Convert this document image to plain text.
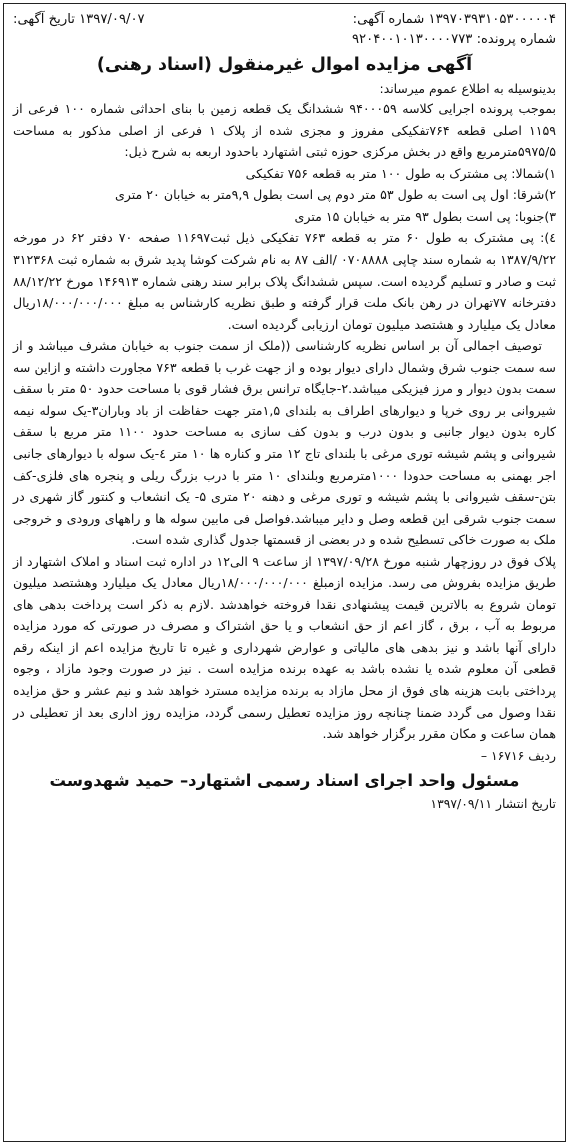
شماره آگهی: ۱۳۹۷۰۳۹۳۱۰۵۳۰۰۰۰۰۴
تاریخ آگهی: ۱۳۹۷/۰۹/۰۷
شماره پرونده: ۹۲۰۴۰۰۱۰۱۳۰۰۰۰۷۷۳
آگهی مزایده اموال غیرمنقول (اسناد رهنی)
بدینوسیله به اطلاع عموم میرساند:

بموجب پرونده اجرایی کلاسه ۹۴۰۰۰۵۹ ششدانگ یک قطعه زمین با بنای احداثی شماره ۱۰۰ فرعی از ۱۱۵۹ اصلی قطعه ۷۶۴تفکیکی مفروز و مجزی شده از پلاک ۱ فرعی از اصلی مذکور به مساحت ۵۹۷۵/۵مترمربع واقع در بخش مرکزی حوزه ثبتی اشتهارد باحدود اربعه به شرح ذیل:

۱)شمالا: پی مشترک به طول ۱۰۰ متر به قطعه ۷۵۶ تفکیکی

۲)شرقا: اول پی است به طول ۵۳ متر دوم پی است بطول ۹,۹متر به خیابان ۲۰ متری

۳)جنوبا: پی است بطول ۹۳ متر به خیابان ۱۵ متری

٤): پی مشترک به طول ۶۰ متر به قطعه ۷۶۳ تفکیکی ذیل ثبت۱۱۶۹۷ صفحه ۷۰ دفتر ۶۲ در مورخه ۱۳۸۷/۹/۲۲ به شماره سند چاپی ۰۷۰۸۸۸۸ /الف ۸۷ به نام شرکت کوشا پدید شرق به شماره ثبت ۳۱۲۳۶۸ ثبت و صادر و تسلیم گردیده است. سپس ششدانگ پلاک برابر سند رهنی شماره ۱۴۶۹۱۳ مورخ ۸۸/۱۲/۲۲ دفترخانه ۷۷تهران در رهن بانک ملت قرار گرفته و طبق نظریه کارشناس به مبلغ ۱۸/۰۰۰/۰۰۰/۰۰۰ریال معادل یک میلیارد و هشتصد میلیون تومان ارزیابی گردیده است.

توصیف اجمالی آن بر اساس نظریه کارشناسی ((ملک از سمت جنوب به خیابان مشرف میباشد و از سه سمت جنوب شرق وشمال دارای دیوار بوده و از جهت غرب با قطعه ۷۶۳ مجاورت داشته و ازاین سه سمت بدون دیوار و مرز فیزیکی میباشد.۲-جایگاه ترانس برق فشار قوی با مساحت حدود ۵۰ متر با سقف شیروانی بر روی خرپا و دیوارهای اطراف به بلندای ۱,۵متر جهت حفاظت از باد وباران۳-یک سوله نیمه کاره بدون دیوار جانبی و بدون درب و بدون کف سازی به مساحت حدود ۱۱۰۰ متر مربع با سقف شیروانی و پشم شیشه توری مرغی با بلندای تاج ۱۲ متر و کناره ها ۱۰ متر ٤-یک سوله با دیوارهای جانبی اجر بهمنی به مساحت حدودا ۱۰۰۰مترمربع وبلندای ۱۰ متر با درب بزرگ ریلی و پنجره های فلزی-کف بتن-سقف شیروانی با پشم شیشه و توری مرغی و دهنه ۲۰ متری ۵- یک انشعاب و کنتور گاز شهری در سمت جنوب شرقی این قطعه وصل و دایر میباشد.فواصل فی مابین سوله ها و راههای ورودی و خروجی ملک به صورت خاکی تسطیح شده و در بعضی از قسمتها جدول گذاری شده است.

پلاک فوق در روزچهار شنبه مورخ ۱۳۹۷/۰۹/۲۸ از ساعت ۹ الی۱۲ در اداره ثبت اسناد و املاک اشتهارد از طریق مزایده بفروش می رسد. مزایده ازمبلغ ۱۸/۰۰۰/۰۰۰/۰۰۰ریال معادل یک میلیارد وهشتصد میلیون تومان شروع به بالاترین قیمت پیشنهادی نقدا فروخته خواهدشد .لازم به ذکر است پرداخت بدهی های مربوط به آب ، برق ، گاز اعم از حق انشعاب و یا حق اشتراک و مصرف در صورتی که مورد مزایده دارای آنها باشد و نیز بدهی های مالیاتی و عوارض شهرداری و غیره تا تاریخ مزایده اعم از اینکه رقم قطعی آن معلوم شده یا نشده باشد به عهده برنده مزایده است . نیز در صورت وجود مازاد ، وجوه پرداختی بابت هزینه های فوق از محل مازاد به برنده مزایده مسترد خواهد شد و نیم عشر و حق مزایده نقدا وصول می گردد ضمنا چنانچه روز مزایده تعطیل رسمی گردد، مزایده روز اداری بعد از تعطیلی در همان ساعت و مکان مقرر برگزار خواهد شد.

ردیف ۱۶۷۱۶ –
مسئول واحد اجرای اسناد رسمی اشتهارد– حمید شهدوست
تاریخ انتشار ۱۳۹۷/۰۹/۱۱
